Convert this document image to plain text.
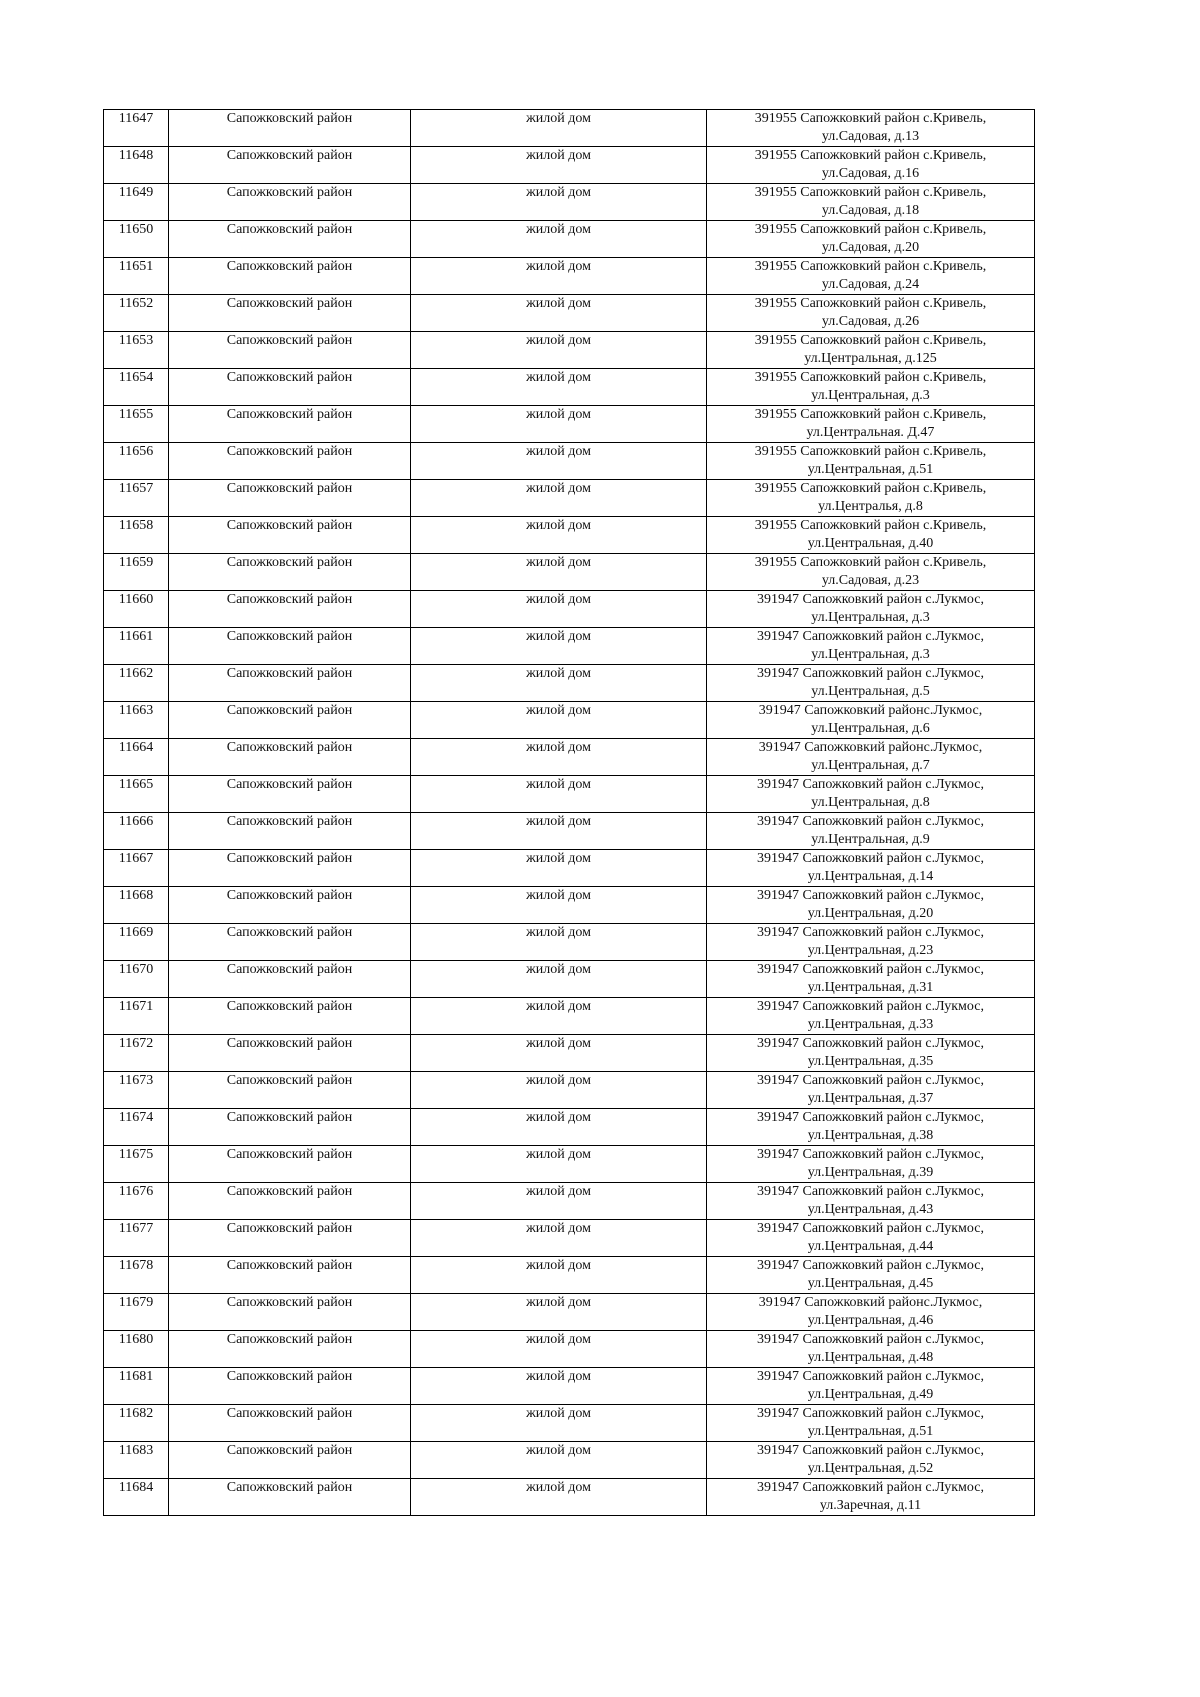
11647	Сапожковский район	жилой дом	391955 Сапожковкий район с.Кривель,
ул.Садовая, д.13

11648	Сапожковский район	жилой дом	391955 Сапожковкий район с.Кривель,
ул.Садовая, д.16

11649	Сапожковский район	жилой дом	391955 Сапожковкий район с.Кривель,
ул.Садовая, д.18

11650	Сапожковский район	жилой дом	391955 Сапожковкий район с.Кривель,
ул.Садовая, д.20

11651	Сапожковский район	жилой дом	391955 Сапожковкий район с.Кривель,
ул.Садовая, д.24

11652	Сапожковский район	жилой дом	391955 Сапожковкий район с.Кривель,
ул.Садовая, д.26

11653	Сапожковский район	жилой дом	391955 Сапожковкий район с.Кривель,
ул.Центральная, д.125

11654	Сапожковский район	жилой дом	391955 Сапожковкий район с.Кривель,
ул.Центральная, д.3

11655	Сапожковский район	жилой дом	391955 Сапожковкий район с.Кривель,
ул.Центральная. Д.47

11656	Сапожковский район	жилой дом	391955 Сапожковкий район с.Кривель,
ул.Центральная, д.51

11657	Сапожковский район	жилой дом	391955 Сапожковкий район с.Кривель,
ул.Централья, д.8

11658	Сапожковский район	жилой дом	391955 Сапожковкий район с.Кривель,
ул.Центральная, д.40

11659	Сапожковский район	жилой дом	391955 Сапожковкий район с.Кривель,
ул.Садовая, д.23

11660	Сапожковский район	жилой дом	391947 Сапожковкий район с.Лукмос,
ул.Центральная, д.3

11661	Сапожковский район	жилой дом	391947 Сапожковкий район с.Лукмос,
ул.Центральная, д.3

11662	Сапожковский район	жилой дом	391947 Сапожковкий район с.Лукмос,
ул.Центральная, д.5

11663	Сапожковский район	жилой дом	391947 Сапожковкий районс.Лукмос,
ул.Центральная, д.6

11664	Сапожковский район	жилой дом	391947 Сапожковкий районс.Лукмос,
ул.Центральная, д.7

11665	Сапожковский район	жилой дом	391947 Сапожковкий район с.Лукмос,
ул.Центральная, д.8

11666	Сапожковский район	жилой дом	391947 Сапожковкий район с.Лукмос,
ул.Центральная, д.9

11667	Сапожковский район	жилой дом	391947 Сапожковкий район с.Лукмос,
ул.Центральная, д.14

11668	Сапожковский район	жилой дом	391947 Сапожковкий район с.Лукмос,
ул.Центральная, д.20

11669	Сапожковский район	жилой дом	391947 Сапожковкий район с.Лукмос,
ул.Центральная, д.23

11670	Сапожковский район	жилой дом	391947 Сапожковкий район с.Лукмос,
ул.Центральная, д.31

11671	Сапожковский район	жилой дом	391947 Сапожковкий район с.Лукмос,
ул.Центральная, д.33

11672	Сапожковский район	жилой дом	391947 Сапожковкий район с.Лукмос,
ул.Центральная, д.35

11673	Сапожковский район	жилой дом	391947 Сапожковкий район с.Лукмос,
ул.Центральная, д.37

11674	Сапожковский район	жилой дом	391947 Сапожковкий район с.Лукмос,
ул.Центральная, д.38

11675	Сапожковский район	жилой дом	391947 Сапожковкий район с.Лукмос,
ул.Центральная, д.39

11676	Сапожковский район	жилой дом	391947 Сапожковкий район с.Лукмос,
ул.Центральная, д.43

11677	Сапожковский район	жилой дом	391947 Сапожковкий район с.Лукмос,
ул.Центральная, д.44

11678	Сапожковский район	жилой дом	391947 Сапожковкий район с.Лукмос,
ул.Центральная, д.45

11679	Сапожковский район	жилой дом	391947 Сапожковкий районс.Лукмос,
ул.Центральная, д.46

11680	Сапожковский район	жилой дом	391947 Сапожковкий район с.Лукмос,
ул.Центральная, д.48

11681	Сапожковский район	жилой дом	391947 Сапожковкий район с.Лукмос,
ул.Центральная, д.49

11682	Сапожковский район	жилой дом	391947 Сапожковкий район с.Лукмос,
ул.Центральная, д.51

11683	Сапожковский район	жилой дом	391947 Сапожковкий район с.Лукмос,
ул.Центральная, д.52

11684	Сапожковский район	жилой дом	391947 Сапожковкий район с.Лукмос,
ул.Заречная, д.11
